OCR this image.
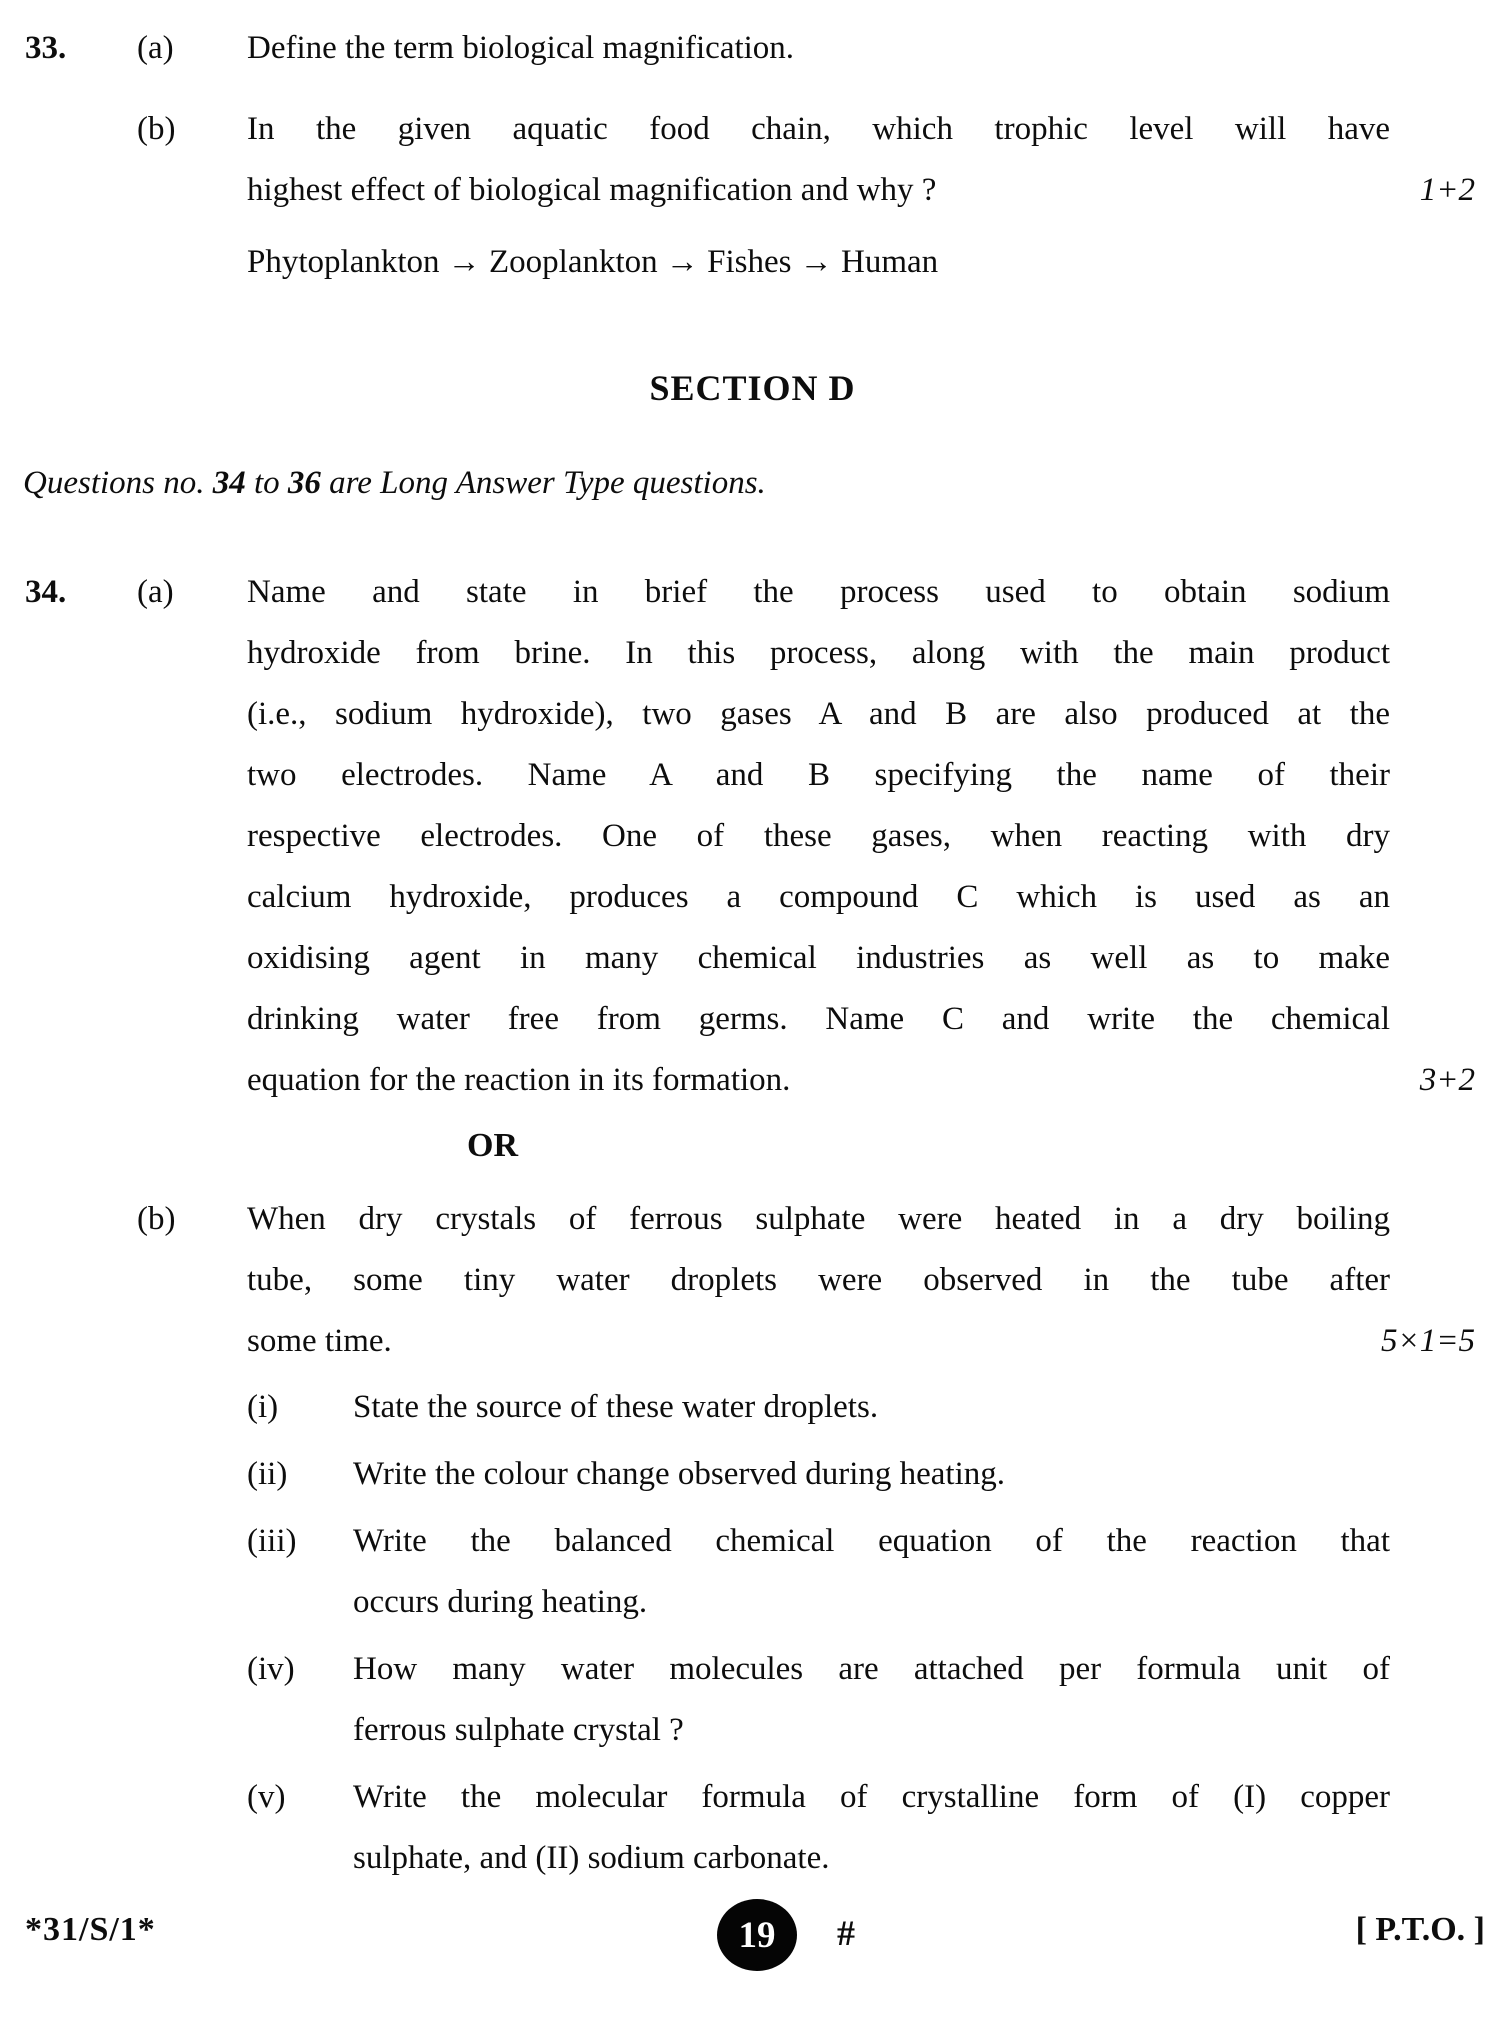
33.	(a)	Define the term biological magnification.
(b)	In the given aquatic food chain, which trophic level will have
highest effect of biological magnification and why ?	1+2
Phytoplankton → Zooplankton → Fishes → Human
SECTION D
Questions no. 34 to 36 are Long Answer Type questions.
34.	(a)	Name and state in brief the process used to obtain sodium
hydroxide from brine. In this process, along with the main product
(i.e., sodium hydroxide), two gases A and B are also produced at the
two electrodes. Name A and B specifying the name of their
respective electrodes. One of these gases, when reacting with dry
calcium hydroxide, produces a compound C which is used as an
oxidising agent in many chemical industries as well as to make
drinking water free from germs. Name C and write the chemical
equation for the reaction in its formation.	3+2
OR
(b)	When dry crystals of ferrous sulphate were heated in a dry boiling
tube, some tiny water droplets were observed in the tube after
some time.	5×1=5
(i)	State the source of these water droplets.
(ii)	Write the colour change observed during heating.
(iii)	Write the balanced chemical equation of the reaction that
occurs during heating.
(iv)	How many water molecules are attached per formula unit of
ferrous sulphate crystal ?
(v)	Write the molecular formula of crystalline form of (I) copper
sulphate, and (II) sodium carbonate.
*31/S/1*	19 #	[ P.T.O. ]
